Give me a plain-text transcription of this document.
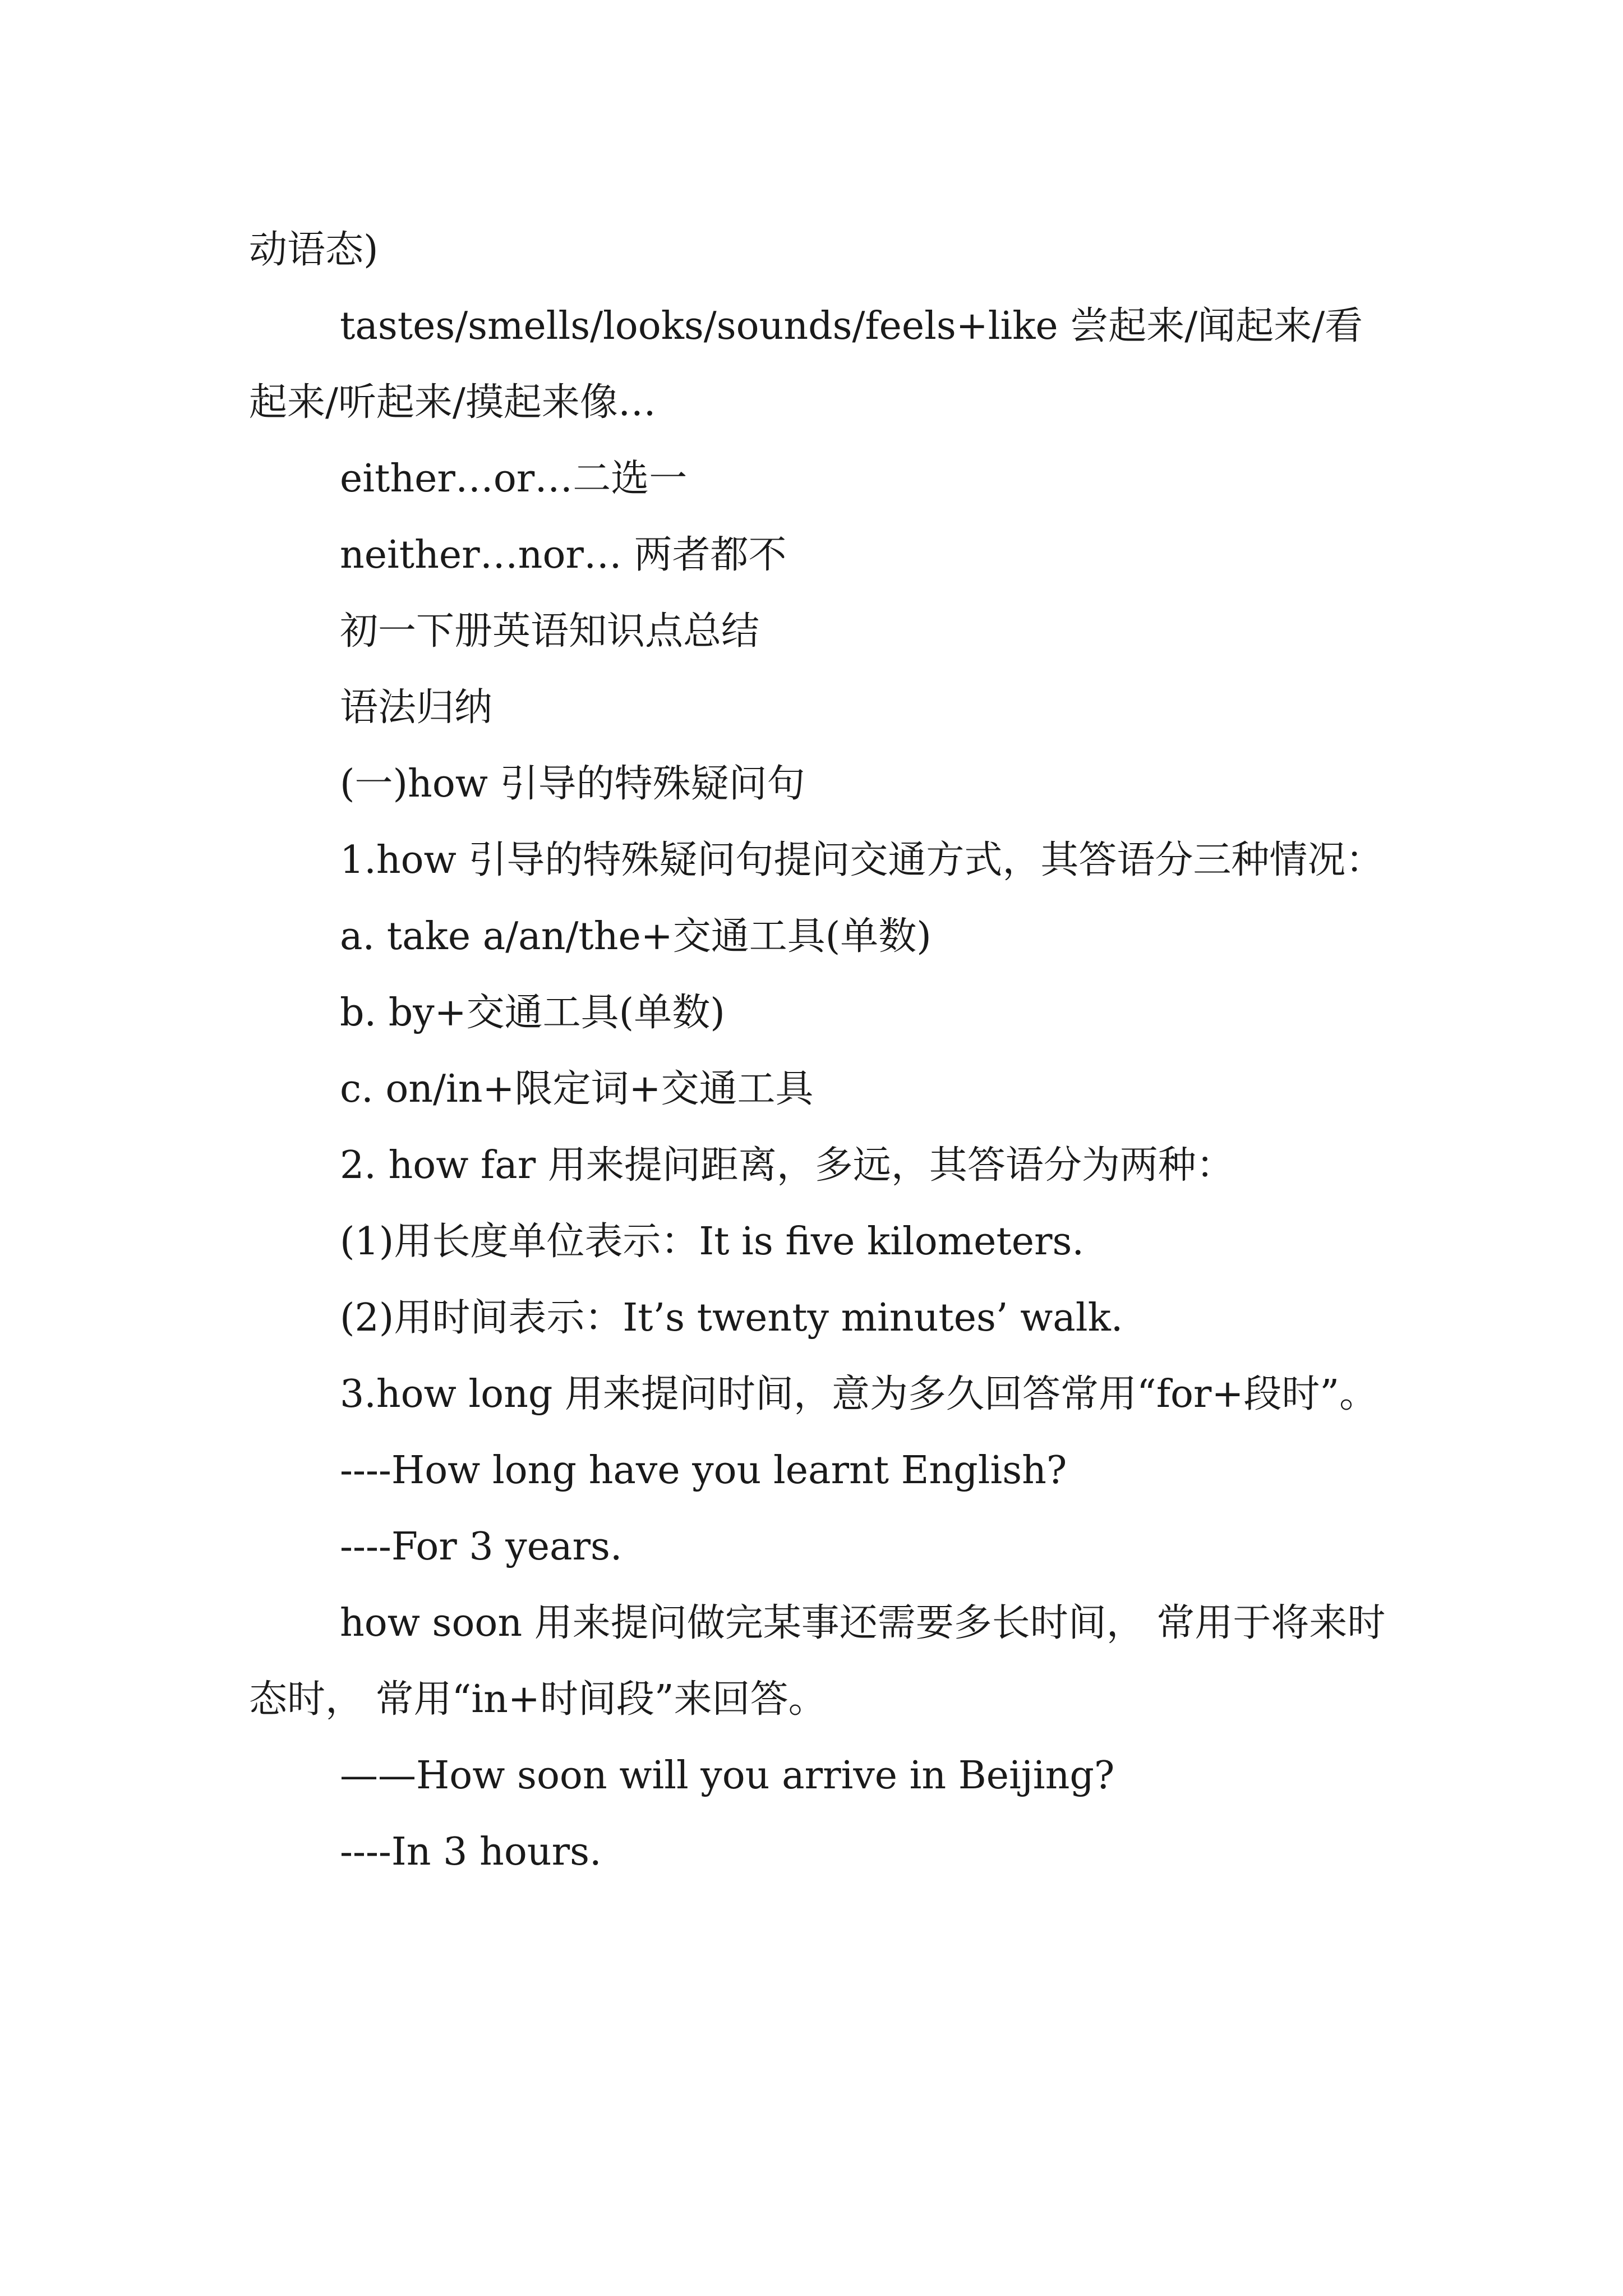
动语态)

tastes/smells/looks/sounds/feels+like 尝起来/闻起来/看起来/听起来/摸起来像…

either…or…二选一

neither…nor… 两者都不

初一下册英语知识点总结

语法归纳

(一)how 引导的特殊疑问句

1.how 引导的特殊疑问句提问交通方式，其答语分三种情况：

a. take a/an/the+交通工具(单数)

b. by+交通工具(单数)

c. on/in+限定词+交通工具

2. how far 用来提问距离，多远，其答语分为两种：

(1)用长度单位表示：It is five kilometers.

(2)用时间表示：It’s twenty minutes’ walk.

3.how long 用来提问时间，意为多久回答常用“for+段时”。

----How long have you learnt English?

----For 3 years.

how soon 用来提问做完某事还需要多长时间， 常用于将来时态时， 常用“in+时间段”来回答。

——How soon will you arrive in Beijing?

----In 3 hours.
